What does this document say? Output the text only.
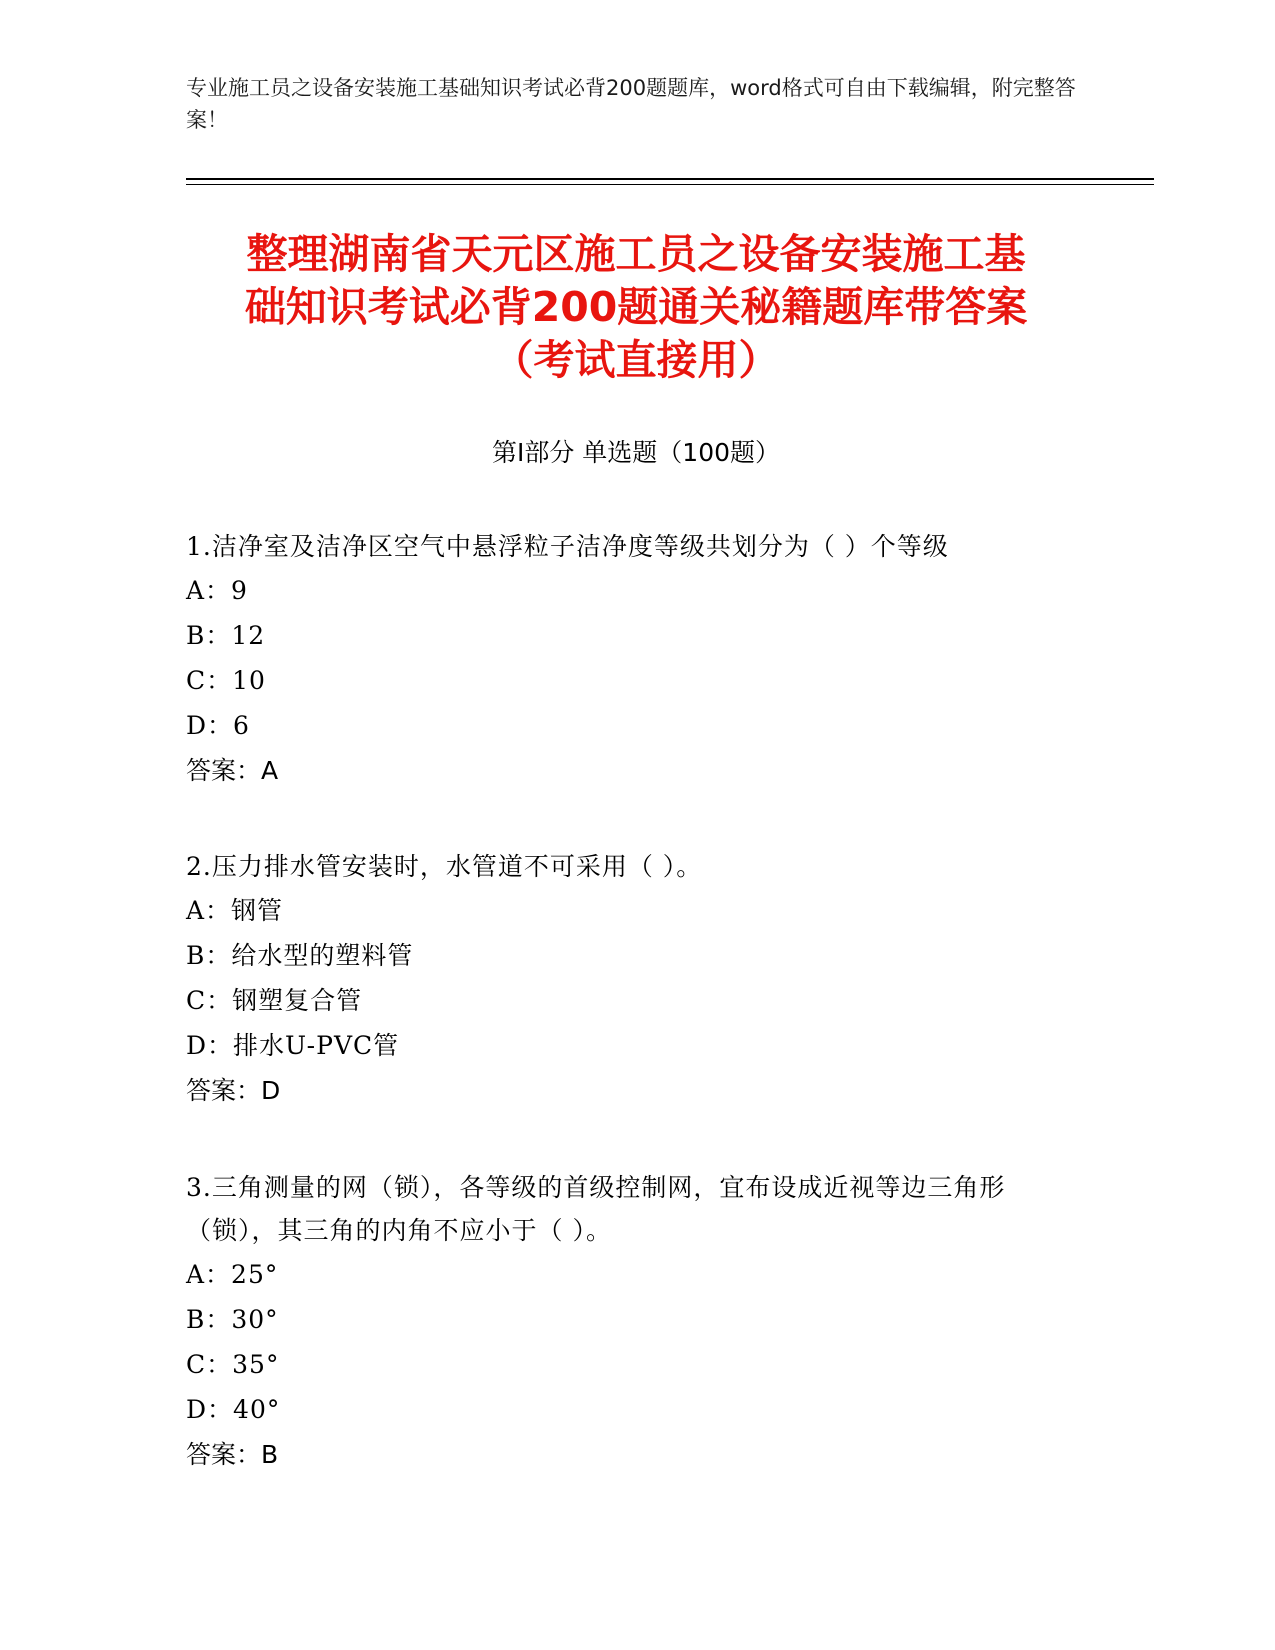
专业施工员之设备安装施工基础知识考试必背200题题库，word格式可自由下载编辑，附完整答案！
整理湖南省天元区施工员之设备安装施工基
础知识考试必背200题通关秘籍题库带答案
（考试直接用）
第Ⅰ部分 单选题（100题）
1.洁净室及洁净区空气中悬浮粒子洁净度等级共划分为（ ）个等级
A：9
B：12
C：10
D：6
答案：A
2.压力排水管安装时，水管道不可采用（ ）。
A：钢管
B：给水型的塑料管
C：钢塑复合管
D：排水U-PVC管
答案：D
3.三角测量的网（锁），各等级的首级控制网，宜布设成近视等边三角形（锁），其三角的内角不应小于（ ）。
A：25°
B：30°
C：35°
D：40°
答案：B
